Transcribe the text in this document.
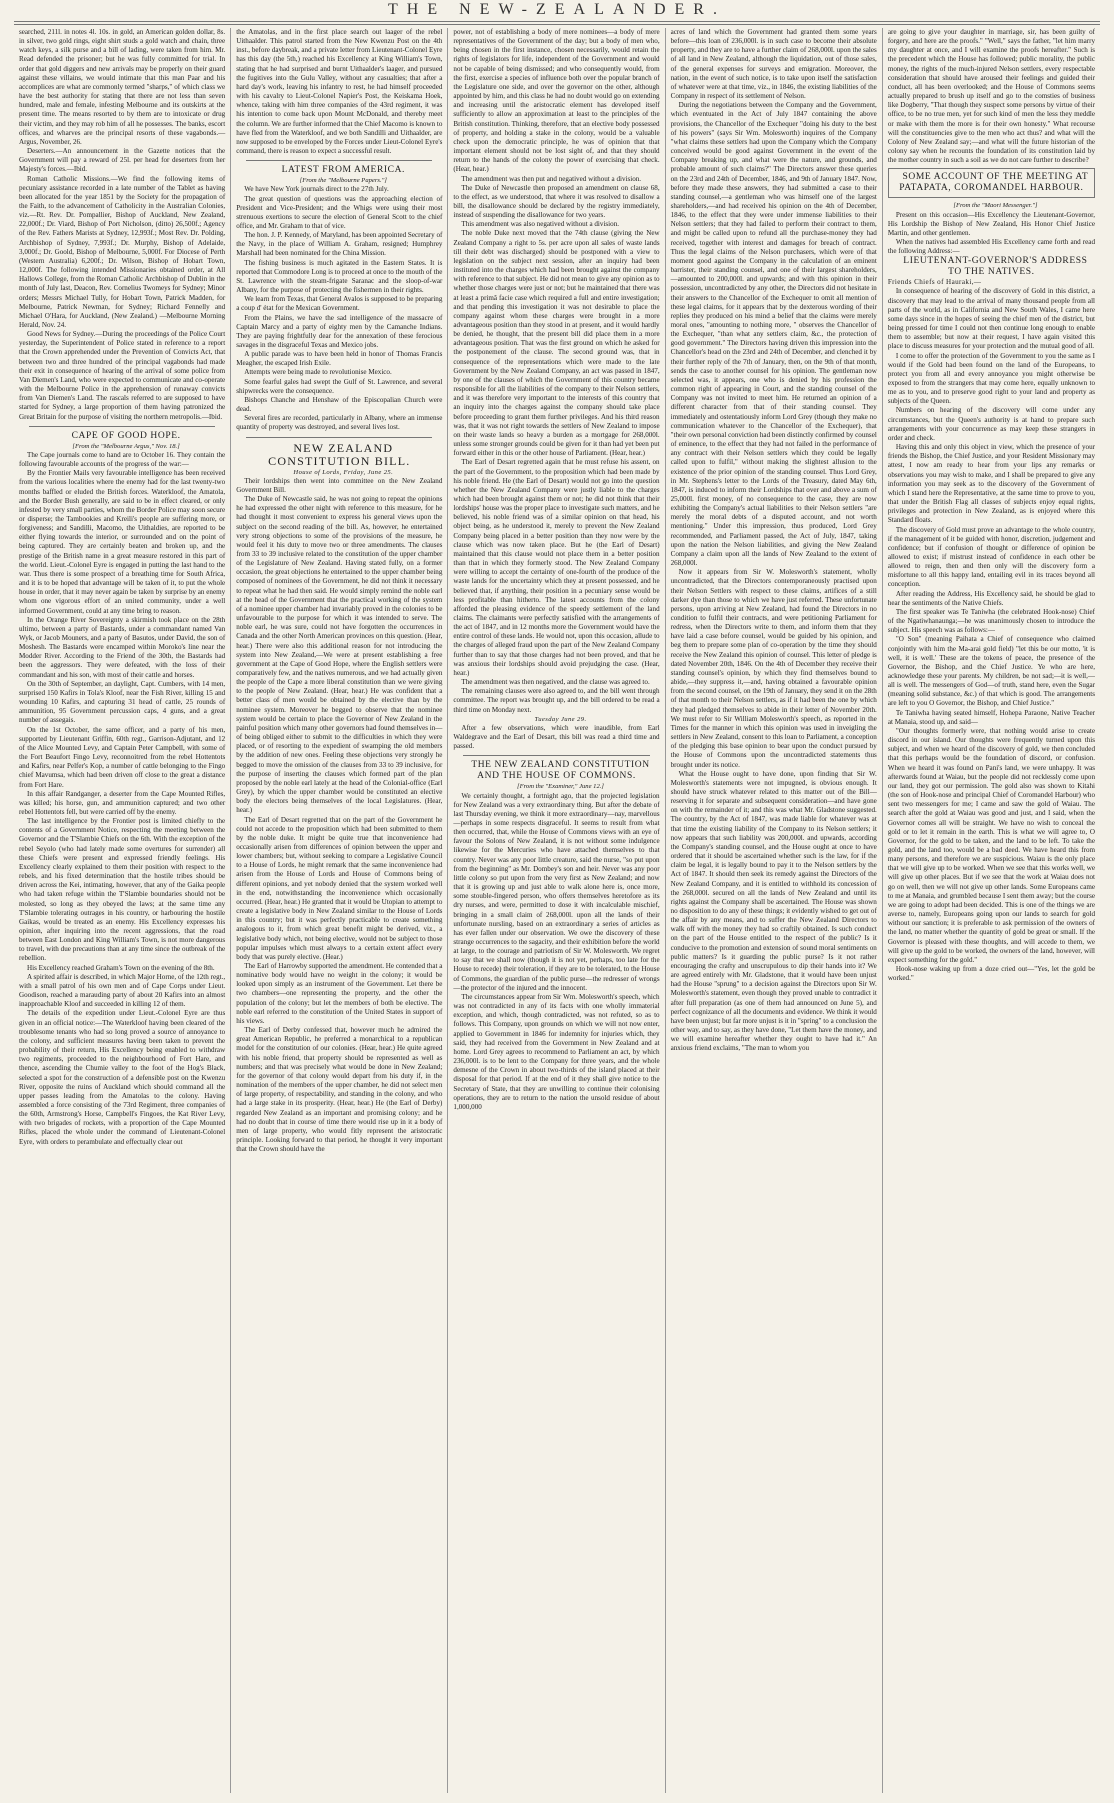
THE NEW-ZEALANDER.

searched, 211l. in notes 4l. 10s. in gold, an American golden dollar, 8s. in silver, two gold rings, eight shirt studs a gold watch and chain, three watch keys, a silk purse and a bill of lading, were taken from him. Mr. Read defended the prisoner; but he was fully committed for trial. In order that gold diggers and new arrivals may be properly on their guard against these villains, we would intimate that this man Paar and his accomplices are what are commonly termed "sharps," of which class we have the best authority for stating that there are not less than seven hundred, male and female, infesting Melbourne and its outskirts at the present time. The means resorted to by them are to intoxicate or drug their victim, and they may rob him of all he possesses. The banks, escort offices, and wharves are the principal resorts of these vagabonds.—Argus, November, 26.

Deserters.—An announcement in the Gazette notices that the Government will pay a reward of 25l. per head for deserters from her Majesty's forces.—Ibid.

Roman Catholic Missions.—We find the following items of pecuniary assistance recorded in a late number of the Tablet as having been allocated for the year 1851 by the Society for the propagation of the Faith, to the advancement of Catholicity in the Australian Colonies, viz.—Rt. Rev. Dr. Pompallier, Bishop of Auckland, New Zealand, 22,000f.; Dr. Viard, Bishop of Port Nicholson, (ditto) 26,500f.; Agency of the Rev. Fathers Marists at Sydney, 12,993f.; Most Rev. Dr. Polding, Archbishop of Sydney, 7,993f.; Dr. Murphy, Bishop of Adelaide, 3,000f.; Dr. Goold, Bishop of Melbourne, 5,000f. For Diocese of Perth (Western Australia) 6,200f.; Dr. Wilson, Bishop of Hobart Town, 12,000f. The following intended Missionaries obtained order, at All Hallows College, from the Roman Catholic Archbishop of Dublin in the month of July last, Deacon, Rev. Cornelius Twomeys for Sydney; Minor orders; Messrs Michael Tully, for Hobart Town, Patrick Madden, for Melbourne, Patrick Newman, for Sydney; Richard Fennelly and Michael O'Hara, for Auckland, (New Zealand.) —Melbourne Morning Herald, Nov. 24.

Good News for Sydney.—During the proceedings of the Police Court yesterday, the Superintendent of Police stated in reference to a report that the Crown apprehended under the Prevention of Convicts Act, that between two and three hundred of the principal vagabonds had made their exit in consequence of hearing of the arrival of some police from Van Diemen's Land, who were expected to communicate and co-operate with the Melbourne Police in the apprehension of runaway convicts from Van Diemen's Land. The rascals referred to are supposed to have started for Sydney, a large proportion of them having patronized the Great Britain for the purpose of visiting the northern metropolis.—Ibid.

CAPE OF GOOD HOPE.

[From the "Melbourne Argus," Nov. 18.]

The Cape journals come to hand are to October 16. They contain the following favourable accounts of the progress of the war:—

By the Frontier Mails very favourable intelligence has been received from the various localities where the enemy had for the last twenty-two months baffled or eluded the British forces. Waterkloof, the Amatola, and the Border Bush generally, are said to be in effect cleared, or only infested by very small parties, whom the Border Police may soon secure or disperse; the Tambookies and Kreili's people are suffering more, or forgiveness; and Sandilli, Macomo, the Uithaldies, are reported to be either flying towards the interior, or surrounded and on the point of being captured. They are certainly beaten and broken up, and the prestige of the British name in a great measure restored in this part of the world. Lieut.-Colonel Eyre is engaged in putting the last hand to the war. Thus there is some prospect of a breathing time for South Africa, and it is to be hoped that advantage will be taken of it, to put the whole house in order, that it may never again be taken by surprise by an enemy whom one vigorous effort of an united community, under a well informed Government, could at any time bring to reason.

In the Orange River Sovereignty a skirmish took place on the 28th ultimo, between a party of Bastards, under a commandant named Van Wyk, or Jacob Mouners, and a party of Basutos, under David, the son of Moshesh. The Bastards were encamped within Moroko's line near the Modder River. According to the Friend of the 30th, the Bastards had been the aggressors. They were defeated, with the loss of their commandant and his son, with most of their cattle and horses.

On the 30th of September, an daylight, Capt. Cumbers, with 14 men, surprised 150 Kafirs in Tola's Kloof, near the Fish River, killing 15 and wounding 10 Kafirs, and capturing 31 head of cattle, 25 rounds of ammunition, 95 Government percussion caps, 4 guns, and a great number of assegais.

On the 1st October, the same officer, and a party of his men, supported by Lieutenant Griffin, 60th regt., Garrison-Adjutant, and 12 of the Alice Mounted Levy, and Captain Peter Campbell, with some of the Fort Beaufort Fingo Levy, reconnoitred from the rebel Hottentots and Kafirs, near Pelfer's Kop, a number of cattle belonging to the Fingo chief Mavumsa, which had been driven off close to the great a distance from Fort Hare.

In this affair Randganger, a deserter from the Cape Mounted Rifles, was killed; his horse, gun, and ammunition captured; and two other rebel Hottentots fell, but were carried off by the enemy.

The last intelligence by the Frontier post is limited chiefly to the contents of a Government Notice, respecting the meeting between the Governor and the T'Slambie Chiefs on the 6th. With the exception of the rebel Seyolo (who had lately made some overtures for surrender) all these Chiefs were present and expressed friendly feelings. His Excellency clearly explained to them their position with respect to the rebels, and his fixed determination that the hostile tribes should be driven across the Kei, intimating, however, that any of the Gaika people who had taken refuge within the T'Slambie boundaries should not be molested, so long as they obeyed the laws; at the same time any T'Slambie tolerating outrages in his country, or harbouring the hostile Gaikas, would be treated as an enemy. His Excellency expresses his opinion, after inquiring into the recent aggressions, that the road between East London and King William's Town, is not more dangerous to travel, with due precautions than at any time since the outbreak of the rebellion.

His Excellency reached Graham's Town on the evening of the 8th.

A spirited affair is described, in which Major Horne, of the 12th regt., with a small patrol of his own men and of Cape Corps under Lieut. Goodison, reached a marauding party of about 20 Kafirs into an almost inapproachable Kloof and succeeded in killing 12 of them.

The details of the expedition under Lieut.-Colonel Eyre are thus given in an official notice:—The Waterkloof having been cleared of the troublesome tenants who had so long proved a source of annoyance to the colony, and sufficient measures having been taken to prevent the probability of their return, His Excellency being enabled to withdraw two regiments, proceeded to the neighbourhood of Fort Hare, and thence, ascending the Chumie valley to the foot of the Hog's Black, selected a spot for the construction of a defensible post on the Kwenzu River, opposite the ruins of Auckland which should command all the upper passes leading from the Amatolas to the colony. Having assembled a force consisting of the 73rd Regiment, three companies of the 60th, Armstrong's Horse, Campbell's Fingoes, the Kat River Levy, with two brigades of rockets, with a proportion of the Cape Mounted Rifles, placed the whole under the command of Lieutenant-Colonel Eyre, with orders to perambulate and effectually clear out

the Amatolas, and in the first place search out laager of the rebel Uithaalder. This patrol started from the New Kwenzu Post on the 4th inst., before daybreak, and a private letter from Lieutenant-Colonel Eyre has this day (the 5th,) reached his Excellency at King William's Town, stating that he had surprised and burnt Uithaalder's laager, and pursued the fugitives into the Gulu Valley, without any casualties; that after a hard day's work, leaving his infantry to rest, he had himself proceeded with his cavalry to Lieut-Colonel Napier's Post, the Keiskama Hoek, whence, taking with him three companies of the 43rd regiment, it was his intention to come back upon Mount McDonald, and thereby meet the column. We are further informed that the Chief Macomo is known to have fled from the Waterkloof, and we both Sandilli and Uithaalder, are now supposed to be enveloped by the Forces under Lieut-Colonel Eyre's command, there is reason to expect a successful result.

LATEST FROM AMERICA.

[From the "Melbourne Papers."]

We have New York journals direct to the 27th July.

The great question of questions was the approaching election of President and Vice-President; and the Whigs were using their most strenuous exertions to secure the election of General Scott to the chief office, and Mr. Graham to that of vice.

The hon. J. P. Kennedy, of Maryland, has been appointed Secretary of the Navy, in the place of William A. Graham, resigned; Humphrey Marshall had been nominated for the China Mission.

The fishing business is much agitated in the Eastern States. It is reported that Commodore Long is to proceed at once to the mouth of the St. Lawrence with the steam-frigate Saranac and the sloop-of-war Albany, for the purpose of protecting the fishermen in their rights.

We learn from Texas, that General Avalos is supposed to be preparing a coup d' état for the Mexican Government.

From the Plains, we have the sad intelligence of the massacre of Captain Marcy and a party of eighty men by the Camanche Indians. They are paying frightfully dear for the annexation of these ferocious savages in the disgraceful Texas and Mexico jobs.

A public parade was to have been held in honor of Thomas Francis Meagher, the escaped Irish Exile.

Attempts were being made to revolutionise Mexico.

Some fearful gales had swept the Gulf of St. Lawrence, and several shipwrecks were the consequence.

Bishops Chanche and Henshaw of the Episcopalian Church were dead.

Several fires are recorded, particularly in Albany, where an immense quantity of property was destroyed, and several lives lost.

NEW ZEALAND CONSTITUTION BILL.

House of Lords, Friday, June 25.

Their lordships then went into committee on the New Zealand Government Bill.

The Duke of Newcastle said, he was not going to repeat the opinions he had expressed the other night with reference to this measure, for he had thought it most convenient to express his general views upon the subject on the second reading of the bill. As, however, he entertained very strong objections to some of the provisions of the measure, he would feel it his duty to move two or three amendments. The clauses from 33 to 39 inclusive related to the constitution of the upper chamber of the Legislature of New Zealand. Having stated fully, on a former occasion, the great objections he entertained to the upper chamber being composed of nominees of the Government, he did not think it necessary to repeat what he had then said. He would simply remind the noble earl at the head of the Government that the practical working of the system of a nominee upper chamber had invariably proved in the colonies to be unfavourable to the purpose for which it was intended to serve. The noble earl, he was sure, could not have forgotten the occurrences in Canada and the other North American provinces on this question. (Hear, hear.) There were also this additional reason for not introducing the system into New Zealand,—We were at present establishing a free government at the Cape of Good Hope, where the English settlers were comparatively few, and the natives numerous, and we had actually given the people of the Cape a more liberal constitution than we were giving to the people of New Zealand. (Hear, hear.) He was confident that a better class of men would be obtained by the elective than by the nominee system. Moreover he begged to observe that the nominee system would be certain to place the Governor of New Zealand in the painful position which many other governors had found themselves in—of being obliged either to submit to the difficulties in which they were placed, or of resorting to the expedient of swamping the old members by the addition of new ones. Feeling these objections very strongly he begged to move the omission of the clauses from 33 to 39 inclusive, for the purpose of inserting the clauses which formed part of the plan proposed by the noble earl lately at the head of the Colonial-office (Earl Grey), by which the upper chamber would be constituted an elective body the electors being themselves of the local Legislatures. (Hear, hear.)

The Earl of Desart regretted that on the part of the Government he could not accede to the proposition which had been submitted to them by the noble duke. It might be quite true that inconvenience had occasionally arisen from differences of opinion between the upper and lower chambers; but, without seeking to compare a Legislative Council to a House of Lords, he might remark that the same inconvenience had arisen from the House of Lords and House of Commons being of different opinions, and yet nobody denied that the system worked well in the end, notwithstanding the inconvenience which occasionally occurred. (Hear, hear.) He granted that it would be Utopian to attempt to create a legislative body in New Zealand similar to the House of Lords in this country; but it was perfectly practicable to create something analogous to it, from which great benefit might be derived, viz., a legislative body which, not being elective, would not be subject to those popular impulses which must always to a certain extent affect every body that was purely elective. (Hear.)

The Earl of Harrowby supported the amendment. He contended that a nominative body would have no weight in the colony; it would be looked upon simply as an instrument of the Government. Let there be two chambers—one representing the property, and the other the population of the colony; but let the members of both be elective. The noble earl referred to the constitution of the United States in support of his views.

The Earl of Derby confessed that, however much he admired the great American Republic, he preferred a monarchical to a republican model for the constitution of our colonies. (Hear, hear.) He quite agreed with his noble friend, that property should be represented as well as numbers; and that was precisely what would be done in New Zealand; for the governor of that colony would depart from his duty if, in the nomination of the members of the upper chamber, he did not select men of large property, of respectability, and standing in the colony, and who had a large stake in its prosperity. (Hear, hear.) He (the Earl of Derby) regarded New Zealand as an important and promising colony; and he had no doubt that in course of time there would rise up in it a body of men of large property, who would fitly represent the aristocratic principle. Looking forward to that period, he thought it very important that the Crown should have the

power, not of establishing a body of mere nominees—a body of mere representatives of the Government of the day; but a body of men who, being chosen in the first instance, chosen necessarily, would retain the rights of legislators for life, independent of the Government and would not be capable of being dismissed; and who consequently would, from the first, exercise a species of influence both over the popular branch of the Legislature one side, and over the governor on the other, although appointed by him, and this class he had no doubt would go on extending and increasing until the aristocratic element has developed itself sufficiently to allow an approximation at least to the principles of the British constitution. Thinking, therefore, that an elective body possessed of property, and holding a stake in the colony, would be a valuable check upon the democratic principle, he was of opinion that that important element should not be lost sight of, and that they should return to the hands of the colony the power of exercising that check. (Hear, hear.)

The amendment was then put and negatived without a division.

The Duke of Newcastle then proposed an amendment on clause 68, to the effect, as we understood, that where it was resolved to disallow a bill, the disallowance should be declared by the registry immediately, instead of suspending the disallowance for two years.

This amendment was also negatived without a division.

The noble Duke next moved that the 74th clause (giving the New Zealand Company a right to 5s. per acre upon all sales of waste lands till their debt was discharged) should be postponed with a view to legislation on the subject next session, after an inquiry had been instituted into the charges which had been brought against the company with reference to that subject. He did not mean to give any opinion as to whether those charges were just or not; but he maintained that there was at least a primâ facie case which required a full and entire investigation; and that pending this investigation it was not desirable to place the company against whom these charges were brought in a more advantageous position than they stood in at present, and it would hardly be denied, he thought, that the present bill did place them in a more advantageous position. That was the first ground on which he asked for the postponement of the clause. The second ground was, that in consequence of the representations which were made to the late Government by the New Zealand Company, an act was passed in 1847, by one of the clauses of which the Government of this country became responsible for all the liabilities of the company to their Nelson settlers, and it was therefore very important to the interests of this country that an inquiry into the charges against the company should take place before proceeding to grant them further privileges. And his third reason was, that it was not right towards the settlers of New Zealand to impose on their waste lands so heavy a burden as a mortgage for 268,000l. unless some stronger grounds could be given for it than had yet been put forward either in this or the other house of Parliament. (Hear, hear.)

The Earl of Desart regretted again that he must refuse his assent, on the part of the Government, to the proposition which had been made by his noble friend. He (the Earl of Desart) would not go into the question whether the New Zealand Company were justly liable to the charges which had been brought against them or not; he did not think that their lordships' house was the proper place to investigate such matters, and he believed, his noble friend was of a similar opinion on that head, his object being, as he understood it, merely to prevent the New Zealand Company being placed in a better position than they now were by the clause which was now taken place. But he (the Earl of Desart) maintained that this clause would not place them in a better position than that in which they formerly stood. The New Zealand Company were willing to accept the certainty of one-fourth of the produce of the waste lands for the uncertainty which they at present possessed, and he believed that, if anything, their position in a pecuniary sense would be less profitable than hitherto. The latest accounts from the colony afforded the pleasing evidence of the speedy settlement of the land claims. The claimants were perfectly satisfied with the arrangements of the act of 1847, and in 12 months more the Government would have the entire control of these lands. He would not, upon this occasion, allude to the charges of alleged fraud upon the part of the New Zealand Company further than to say that those charges had not been proved, and that he was anxious their lordships should avoid prejudging the case. (Hear, hear.)

The amendment was then negatived, and the clause was agreed to.

The remaining clauses were also agreed to, and the bill went through committee. The report was brought up, and the bill ordered to be read a third time on Monday next.

Tuesday June 29.

After a few observations, which were inaudible, from Earl Waldegrave and the Earl of Desart, this bill was read a third time and passed.

THE NEW ZEALAND CONSTITUTION AND THE HOUSE OF COMMONS.

[From the "Examiner," June 12.]

We certainly thought, a fortnight ago, that the projected legislation for New Zealand was a very extraordinary thing. But after the debate of last Thursday evening, we think it more extraordinary—nay, marvellous—perhaps in some respects disgraceful. It seems to result from what then occurred, that, while the House of Commons views with an eye of favour the Solons of New Zealand, it is not without some indulgence likewise for the Mercuries who have attached themselves to that country. Never was any poor little creature, said the nurse, "so put upon from the beginning" as Mr. Dombey's son and heir. Never was any poor little colony so put upon from the very first as New Zealand; and now that it is growing up and just able to walk alone here is, once more, some stouble-fingered person, who offers themselves heretofore as its dry nurses, and were, permitted to dose it with incalculable mischief, bringing in a small claim of 268,000l. upon all the lands of their unfortunate nursling, based on an extraordinary a series of articles as has ever fallen under our observation. We owe the discovery of these strange occurrences to the sagacity, and their exhibition before the world at large, to the courage and patriotism of Sir W. Molesworth. We regret to say that we shall now (though it is not yet, perhaps, too late for the House to recede) their toleration, if they are to be tolerated, to the House of Commons, the guardian of the public purse—the redresser of wrongs—the protector of the injured and the innocent.

The circumstances appear from Sir Wm. Molesworth's speech, which was not contradicted in any of its facts with one wholly immaterial exception, and which, though contradicted, was not refuted, so as to follows. This Company, upon grounds on which we will not now enter, applied to Government in 1846 for indemnity for injuries which, they said, they had received from the Government in New Zealand and at home. Lord Grey agrees to recommend to Parliament an act, by which 236,000l. is to be lent to the Company for three years, and the whole demesne of the Crown in about two-thirds of the island placed at their disposal for that period. If at the end of it they shall give notice to the Secretary of State, that they are unwilling to continue their colonising operations, they are to return to the nation the unsold residue of about 1,000,000

acres of land which the Government had granted them some years before—this loan of 236,000l. is in such case to become their absolute property, and they are to have a further claim of 268,000l. upon the sales of all land in New Zealand, although the liquidation, out of those sales, of the general expenses for surveys and emigration. Moreover, the nation, in the event of such notice, is to take upon itself the satisfaction of whatever were at that time, viz., in 1846, the existing liabilities of the Company in respect of its settlement of Nelson.

During the negotiations between the Company and the Government, which eventuated in the Act of July 1847 containing the above provisions, the Chancellor of the Exchequer "doing his duty to the best of his powers" (says Sir Wm. Molesworth) inquires of the Company "what claims these settlers had upon the Company which the Company conceived would be good against Government in the event of the Company breaking up, and what were the nature, and grounds, and probable amount of such claims?" The Directors answer these queries on the 23rd and 24th of December, 1846, and 9th of January 1847. Now, before they made these answers, they had submitted a case to their standing counsel,—a gentleman who was himself one of the largest shareholders,—and had received his opinion on the 4th of December, 1846, to the effect that they were under immense liabilities to their Nelson settlers; that they had failed to perform their contract to them, and might be called upon to refund all the purchase-money they had received, together with interest and damages for breach of contract. Thus the legal claims of the Nelson purchasers, which were of that moment good against the Company in the calculation of an eminent barrister, their standing counsel, and one of their largest shareholders, —amounted to 200,000l. and upwards; and with this opinion in their possession, uncontradicted by any other, the Directors did not hesitate in their answers to the Chancellor of the Exchequer to omit all mention of these legal claims, for it appears that by the dexterous wording of their replies they produced on his mind a belief that the claims were merely moral ones, "amounting to nothing more, " observes the Chancellor of the Exchequer, "than what any settlers claim, &c., the protection of good government." The Directors having driven this impression into the Chancellor's head on the 23rd and 24th of December, and clenched it by their further reply of the 7th of January, then, on the 9th of that month, sends the case to another counsel for his opinion. The gentleman now selected was, it appears, one who is denied by his profession the common right of appearing in Court, and the standing counsel of the Company was not invited to meet him. He returned an opinion of a different character from that of their standing counsel. They immediately and ostentatiously inform Lord Grey (though they make no communication whatever to the Chancellor of the Exchequer), that "their own personal conviction had been distinctly confirmed by counsel of eminence, to the effect that they had not failed in the performance of any contract with their Nelson settlers which they could be legally called upon to fulfil," without making the slightest allusion to the existence of the prior opinion of the standing counsel. Thus Lord Grey, in Mr. Stephens's letter to the Lords of the Treasury, dated May 6th, 1847, is induced to inform their Lordships that over and above a sum of 25,000l. first money, of no consequence to the case, they are now exhibiting the Company's actual liabilities to their Nelson settlers "are merely the moral debts of a disputed account, and not worth mentioning." Under this impression, thus produced, Lord Grey recommended, and Parliament passed, the Act of July, 1847, taking upon the nation the Nelson liabilities, and giving the New Zealand Company a claim upon all the lands of New Zealand to the extent of 268,000l.

Now it appears from Sir W. Molesworth's statement, wholly uncontradicted, that the Directors contemporaneously practised upon their Nelson Settlers with respect to these claims, artifices of a still darker dye than those to which we have just referred. These unfortunate persons, upon arriving at New Zealand, had found the Directors in no condition to fulfil their contracts, and were petitioning Parliament for redress, when the Directors write to them, and inform them that they have laid a case before counsel, would be guided by his opinion, and beg them to prepare some plan of co-operation by the time they should receive the New Zealand this opinion of counsel. This letter of pledge is dated November 20th, 1846. On the 4th of December they receive their standing counsel's opinion, by which they find themselves bound to abide,—they suppress it,—and, having obtained a favourable opinion from the second counsel, on the 19th of January, they send it on the 28th of that month to their Nelson settlers, as if it had been the one by which they had pledged themselves to abide in their letter of November 20th. We must refer to Sir William Molesworth's speech, as reported in the Times for the manner in which this opinion was used in inveigling the settlers in New Zealand, consent to this loan to Parliament, a conception of the pledging this base opinion to bear upon the conduct pursued by the House of Commons upon the uncontradicted statements thus brought under its notice.

What the House ought to have done, upon finding that Sir W. Molesworth's statements were not impugned, is obvious enough. It should have struck whatever related to this matter out of the Bill—reserving it for separate and subsequent consideration—and have gone on with the remainder of it; and this was what Mr. Gladstone suggested. The country, by the Act of 1847, was made liable for whatever was at that time the existing liability of the Company to its Nelson settlers; it now appears that such liability was 200,000l. and upwards, according the Company's standing counsel, and the House ought at once to have ordered that it should be ascertained whether such is the law, for if the claim be legal, it is legally bound to pay it to the Nelson settlers by the Act of 1847. It should then seek its remedy against the Directors of the New Zealand Company, and it is entitled to withhold its concession of the 268,000l. secured on all the lands of New Zealand and until its rights against the Company shall be ascertained. The House was shown no disposition to do any of these things; it evidently wished to get out of the affair by any means, and to suffer the New Zealand Directors to walk off with the money they had so craftily obtained. Is such conduct on the part of the House entitled to the respect of the public? Is it conducive to the promotion and extension of sound moral sentiments on public matters? Is it guarding the public purse? Is it not rather encouraging the crafty and unscrupulous to dip their hands into it? We are agreed entirely with Mr. Gladstone, that it would have been unjust had the House "sprung" to a decision against the Directors upon Sir W. Molesworth's statement, even though they proved unable to contradict it after full preparation (as one of them had announced on June 5), and perfect cognizance of all the documents and evidence. We think it would have been unjust; but far more unjust is it in "spring" to a conclusion the other way, and to say, as they have done, "Let them have the money, and we will examine hereafter whether they ought to have had it." An anxious friend exclaims, "The man to whom you

are going to give your daughter in marriage, sir, has been guilty of forgery, and here are the proofs." "Well," says the father, "let him marry my daughter at once, and I will examine the proofs hereafter." Such is the precedent which the House has followed; public morality, the public money, the rights of the much-injured Nelson settlers, every respectable consideration that should have aroused their feelings and guided their conduct, all has been overlooked; and the House of Commons seems actually prepared to brush up itself and go to the comsties of business like Dogberry, "That though they suspect some persons by virtue of their office, to be no true men, yet for such kind of men the less they meddle or make with them the more is for their own honesty." What recourse will the constituencies give to the men who act thus? and what will the Colony of New Zealand say;—and what will the future historian of the colony say when he recounts the foundation of its constitution laid by the mother country in such a soil as we do not care further to describe?

SOME ACCOUNT OF THE MEETING AT PATAPATA, COROMANDEL HARBOUR.

[From the "Maori Messenger."]

Present on this occasion—His Excellency the Lieutenant-Governor, His Lordship the Bishop of New Zealand, His Honor Chief Justice Martin, and other gentlemen.

When the natives had assembled His Excellency came forth and read the following Address:—

LIEUTENANT-GOVERNOR'S ADDRESS TO THE NATIVES.

Friends Chiefs of Hauraki,—

In consequence of hearing of the discovery of Gold in this district, a discovery that may lead to the arrival of many thousand people from all parts of the world, as in California and New South Wales, I came here some days since in the hopes of seeing the chief men of the district, but being pressed for time I could not then continue long enough to enable them to assemble; but now at their request, I have again visited this place to discuss measures for your protection and the mutual good of all.

I come to offer the protection of the Government to you the same as I would if the Gold had been found on the land of the Europeans, to protect you from all and every annoyance you might otherwise be exposed to from the strangers that may come here, equally unknown to me as to you, and to preserve good right to your land and property as subjects of the Queen.

Numbers on hearing of the discovery will come under any circumstances, but the Queen's authority is at hand to prepare such arrangements with your concurrence as may keep these strangers in order and check.

Having this and only this object in view, which the presence of your friends the Bishop, the Chief Justice, and your Resident Missionary may attest, I now am ready to hear from your lips any remarks or observations you may wish to make, and I shall be prepared to give any information you may seek as to the discovery of the Government of which I stand here the Representative, at the same time to prove to you, that under the British Flag all classes of subjects enjoy equal rights, privileges and protection in New Zealand, as is enjoyed where this Standard floats.

The discovery of Gold must prove an advantage to the whole country, if the management of it be guided with honor, discretion, judgement and confidence; but if confusion of thought or difference of opinion be allowed to exist; if mistrust instead of confidence in each other be allowed to reign, then and then only will the discovery form a misfortune to all this happy land, entailing evil in its traces beyond all conception.

After reading the Address, His Excellency said, he should be glad to hear the sentiments of the Native Chiefs.

The first speaker was Te Taniwha (the celebrated Hook-nose) Chief of the Ngatiwhanaunga;—he was unanimously chosen to introduce the subject. His speech was as follows:—

"O Son" (meaning Paihata a Chief of consequence who claimed conjointly with him the Ma-arai gold field) "let this be our motto, 'it is well, it is well.' These are the tokens of peace, the presence of the Governor, the Bishop, and the Chief Justice. Ye who are here, acknowledge these your parents. My children, be not sad;—it is well,—all is well. The messengers of God—of truth, stand here, even the Sugar (meaning solid substance, &c.) of that which is good. The arrangements are left to you O Governor, the Bishop, and Chief Justice."

Te Taniwha having seated himself, Hohepa Paraone, Native Teacher at Manaia, stood up, and said—

"Our thoughts formerly were, that nothing would arise to create discord in our island. Our thoughts were frequently turned upon this subject, and when we heard of the discovery of gold, we then concluded that this perhaps would be the foundation of discord, or confusion. When we heard it was found on Pani's land, we were unhappy. It was afterwards found at Waiau, but the people did not recklessly come upon our land, they got our permission. The gold also was shown to Kitahi (the son of Hook-nose and principal Chief of Coromandel Harbour) who sent two messengers for me; I came and saw the gold of Waiau. The search after the gold at Waiau was good and just, and I said, when the Governor comes all will be straight. We have no wish to conceal the gold or to let it remain in the earth. This is what we will agree to, O Governor, for the gold to be taken, and the land to be left. To take the gold, and the land too, would be a bad deed. We have heard this from many persons, and therefore we are suspicious. Waiau is the only place that we will give up to be worked. When we see that this works well, we will give up other places. But if we see that the work at Waiau does not go on well, then we will not give up other lands. Some Europeans came to me at Manaia, and grumbled because I sent them away; but the course we are going to adopt had been decided. This is one of the things we are averse to, namely, Europeans going upon our lands to search for gold without our sanction; it is preferable to ask permission of the owners of the land, no matter whether the quantity of gold be great or small. If the Governor is pleased with these thoughts, and will accede to them, we will give up the gold to be worked, the owners of the land, however, will expect something for the gold."

Hook-nose waking up from a doze cried out—"Yes, let the gold be worked."
